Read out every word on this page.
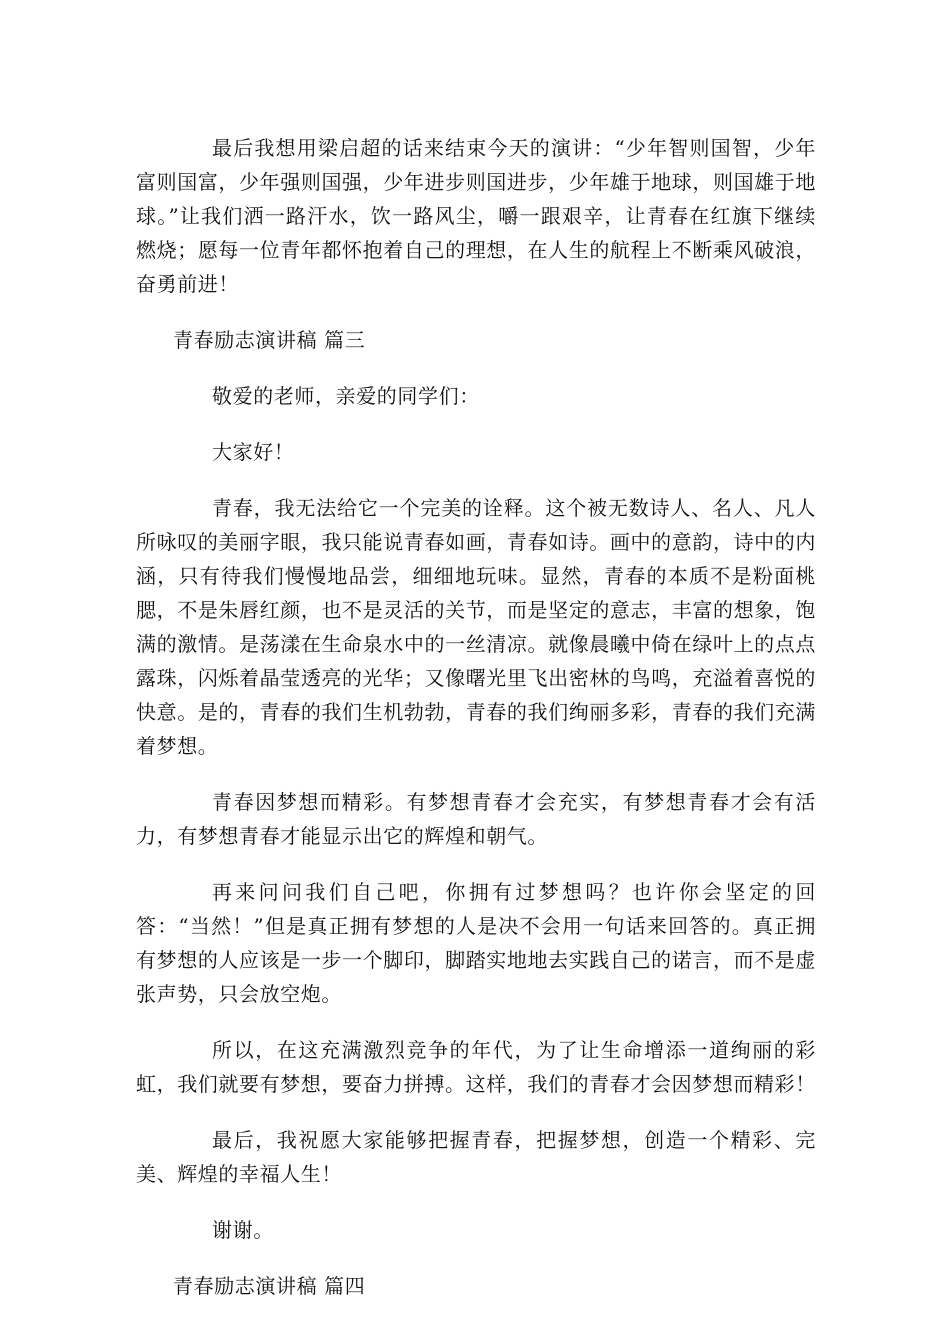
最后我想用梁启超的话来结束今天的演讲：“少年智则国智，少年富则国富，少年强则国强，少年进步则国进步，少年雄于地球，则国雄于地球。”让我们洒一路汗水，饮一路风尘，嚼一跟艰辛，让青春在红旗下继续燃烧；愿每一位青年都怀抱着自己的理想，在人生的航程上不断乘风破浪，奋勇前进！

青春励志演讲稿 篇三

敬爱的老师，亲爱的同学们：

大家好！

青春，我无法给它一个完美的诠释。这个被无数诗人、名人、凡人所咏叹的美丽字眼，我只能说青春如画，青春如诗。画中的意韵，诗中的内涵，只有待我们慢慢地品尝，细细地玩味。显然，青春的本质不是粉面桃腮，不是朱唇红颜，也不是灵活的关节，而是坚定的意志，丰富的想象，饱满的激情。是荡漾在生命泉水中的一丝清凉。就像晨曦中倚在绿叶上的点点露珠，闪烁着晶莹透亮的光华；又像曙光里飞出密林的鸟鸣，充溢着喜悦的快意。是的，青春的我们生机勃勃，青春的我们绚丽多彩，青春的我们充满着梦想。

青春因梦想而精彩。有梦想青春才会充实，有梦想青春才会有活力，有梦想青春才能显示出它的辉煌和朝气。

再来问问我们自己吧，你拥有过梦想吗？也许你会坚定的回答：“当然！”但是真正拥有梦想的人是决不会用一句话来回答的。真正拥有梦想的人应该是一步一个脚印，脚踏实地地去实践自己的诺言，而不是虚张声势，只会放空炮。

所以，在这充满激烈竞争的年代，为了让生命增添一道绚丽的彩虹，我们就要有梦想，要奋力拼搏。这样，我们的青春才会因梦想而精彩！

最后，我祝愿大家能够把握青春，把握梦想，创造一个精彩、完美、辉煌的幸福人生！

谢谢。

青春励志演讲稿 篇四
